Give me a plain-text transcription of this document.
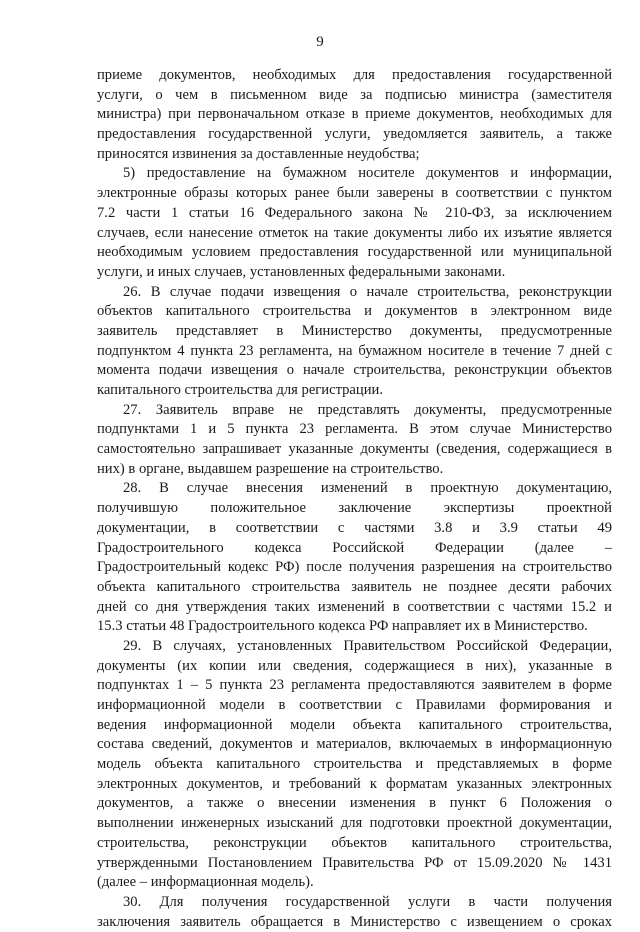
9
приеме документов, необходимых для предоставления государственной
услуги, о чем в письменном виде за подписью министра (заместителя
министра) при первоначальном отказе в приеме документов, необходимых для
предоставления государственной услуги, уведомляется заявитель, а также
приносятся извинения за доставленные неудобства;
5) предоставление на бумажном носителе документов и информации,
электронные образы которых ранее были заверены в соответствии с пунктом
7.2 части 1 статьи 16 Федерального закона № 210-ФЗ, за исключением
случаев, если нанесение отметок на такие документы либо их изъятие является
необходимым условием предоставления государственной или муниципальной
услуги, и иных случаев, установленных федеральными законами.
26. В случае подачи извещения о начале строительства, реконструкции
объектов капитального строительства и документов в электронном виде
заявитель представляет в Министерство документы, предусмотренные
подпунктом 4 пункта 23 регламента, на бумажном носителе в течение 7 дней с
момента подачи извещения о начале строительства, реконструкции объектов
капитального строительства для регистрации.
27. Заявитель вправе не представлять документы, предусмотренные
подпунктами 1 и 5 пункта 23 регламента. В этом случае Министерство
самостоятельно запрашивает указанные документы (сведения, содержащиеся в
них) в органе, выдавшем разрешение на строительство.
28. В случае внесения изменений в проектную документацию,
получившую положительное заключение экспертизы проектной
документации, в соответствии с частями 3.8 и 3.9 статьи 49
Градостроительного кодекса Российской Федерации (далее –
Градостроительный кодекс РФ) после получения разрешения на строительство
объекта капитального строительства заявитель не позднее десяти рабочих
дней со дня утверждения таких изменений в соответствии с частями 15.2 и
15.3 статьи 48 Градостроительного кодекса РФ направляет их в Министерство.
29. В случаях, установленных Правительством Российской Федерации,
документы (их копии или сведения, содержащиеся в них), указанные в
подпунктах 1 – 5 пункта 23 регламента предоставляются заявителем в форме
информационной модели в соответствии с Правилами формирования и
ведения информационной модели объекта капитального строительства,
состава сведений, документов и материалов, включаемых в информационную
модель объекта капитального строительства и представляемых в форме
электронных документов, и требований к форматам указанных электронных
документов, а также о внесении изменения в пункт 6 Положения о
выполнении инженерных изысканий для подготовки проектной документации,
строительства, реконструкции объектов капитального строительства,
утвержденными Постановлением Правительства РФ от 15.09.2020 № 1431
(далее – информационная модель).
30. Для получения государственной услуги в части получения
заключения заявитель обращается в Министерство с извещением о сроках
